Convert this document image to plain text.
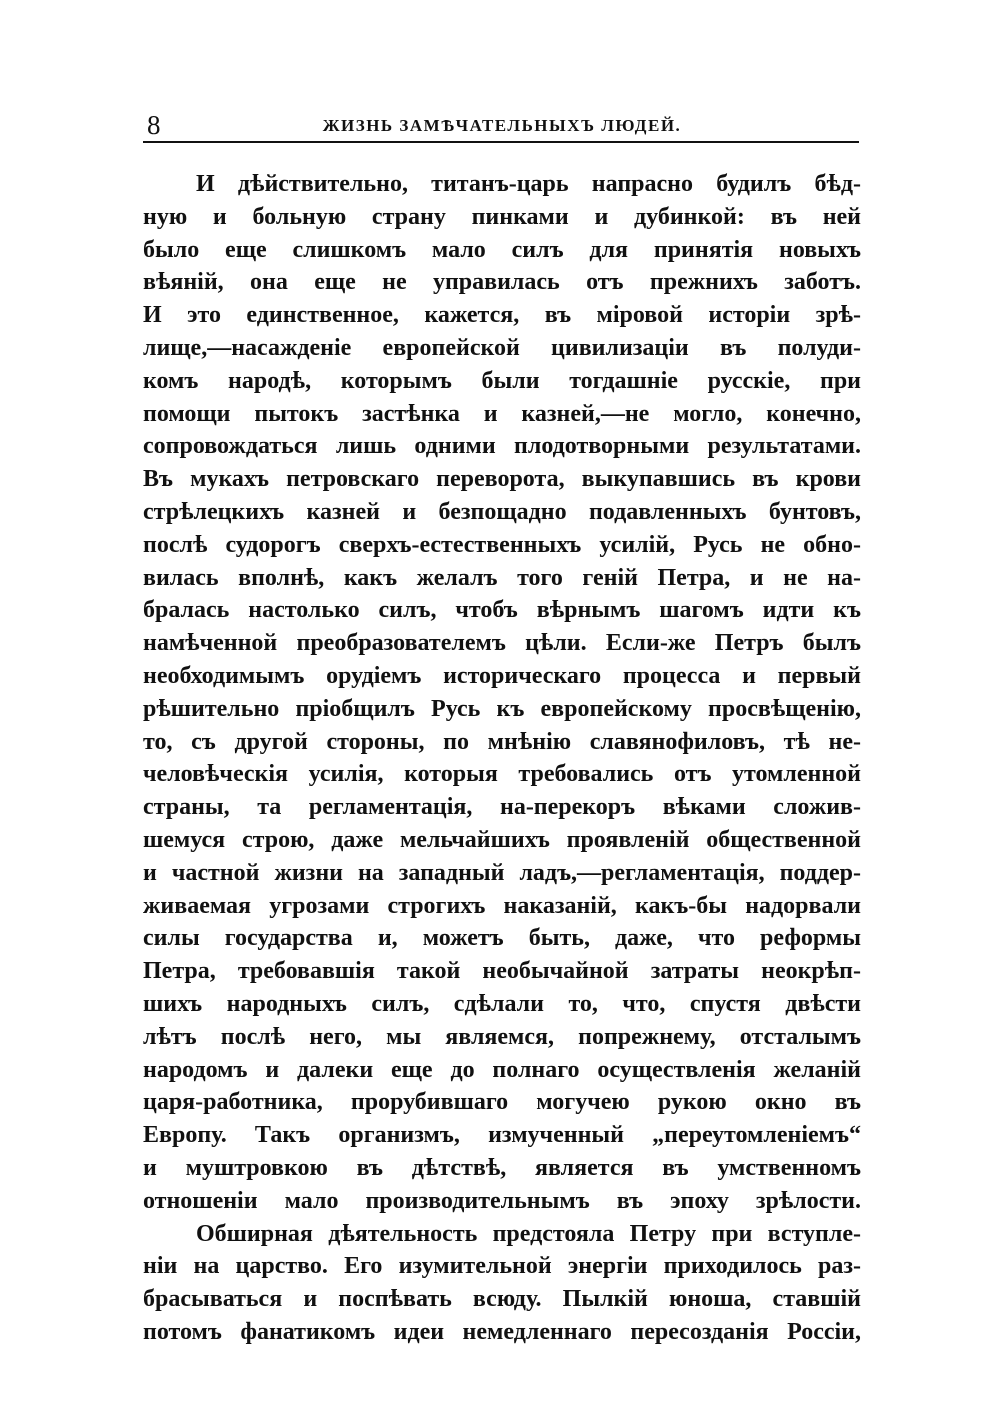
8	ЖИЗНЬ ЗАМѢЧАТЕЛЬНЫХЪ ЛЮДЕЙ.
И дѣйствительно, титанъ-царь напрасно будилъ бѣд-
ную и больную страну пинками и дубинкой: въ ней
было еще слишкомъ мало силъ для принятія новыхъ
вѣяній, она еще не управилась отъ прежнихъ заботъ.
И это единственное, кажется, въ міровой исторіи зрѣ-
лище,—насажденіе европейской цивилизаціи въ полуди-
комъ народѣ, которымъ были тогдашніе русскіе, при
помощи пытокъ застѣнка и казней,—не могло, конечно,
сопровождаться лишь одними плодотворными результатами.
Въ мукахъ петровскаго переворота, выкупавшись въ крови
стрѣлецкихъ казней и безпощадно подавленныхъ бунтовъ,
послѣ судорогъ сверхъ-естественныхъ усилій, Русь не обно-
вилась вполнѣ, какъ желалъ того геній Петра, и не на-
бралась настолько силъ, чтобъ вѣрнымъ шагомъ идти къ
намѣченной преобразователемъ цѣли. Если-же Петръ былъ
необходимымъ орудіемъ историческаго процесса и первый
рѣшительно пріобщилъ Русь къ европейскому просвѣщенію,
то, съ другой стороны, по мнѣнію славянофиловъ, тѣ не-
человѣческія усилія, которыя требовались отъ утомленной
страны, та регламентація, на-перекоръ вѣками сложив-
шемуся строю, даже мельчайшихъ проявленій общественной
и частной жизни на западный ладъ,—регламентація, поддер-
живаемая угрозами строгихъ наказаній, какъ-бы надорвали
силы государства и, можетъ быть, даже, что реформы
Петра, требовавшія такой необычайной затраты неокрѣп-
шихъ народныхъ силъ, сдѣлали то, что, спустя двѣсти
лѣтъ послѣ него, мы являемся, попрежнему, отсталымъ
народомъ и далеки еще до полнаго осуществленія желаній
царя-работника, прорубившаго могучею рукою окно въ
Европу. Такъ организмъ, измученный „переутомленіемъ“
и муштровкою въ дѣтствѣ, является въ умственномъ
отношеніи мало производительнымъ въ эпоху зрѣлости.
Обширная дѣятельность предстояла Петру при вступле-
ніи на царство. Его изумительной энергіи приходилось раз-
брасываться и поспѣвать всюду. Пылкій юноша, ставшій
потомъ фанатикомъ идеи немедленнаго пересозданія Россіи,
